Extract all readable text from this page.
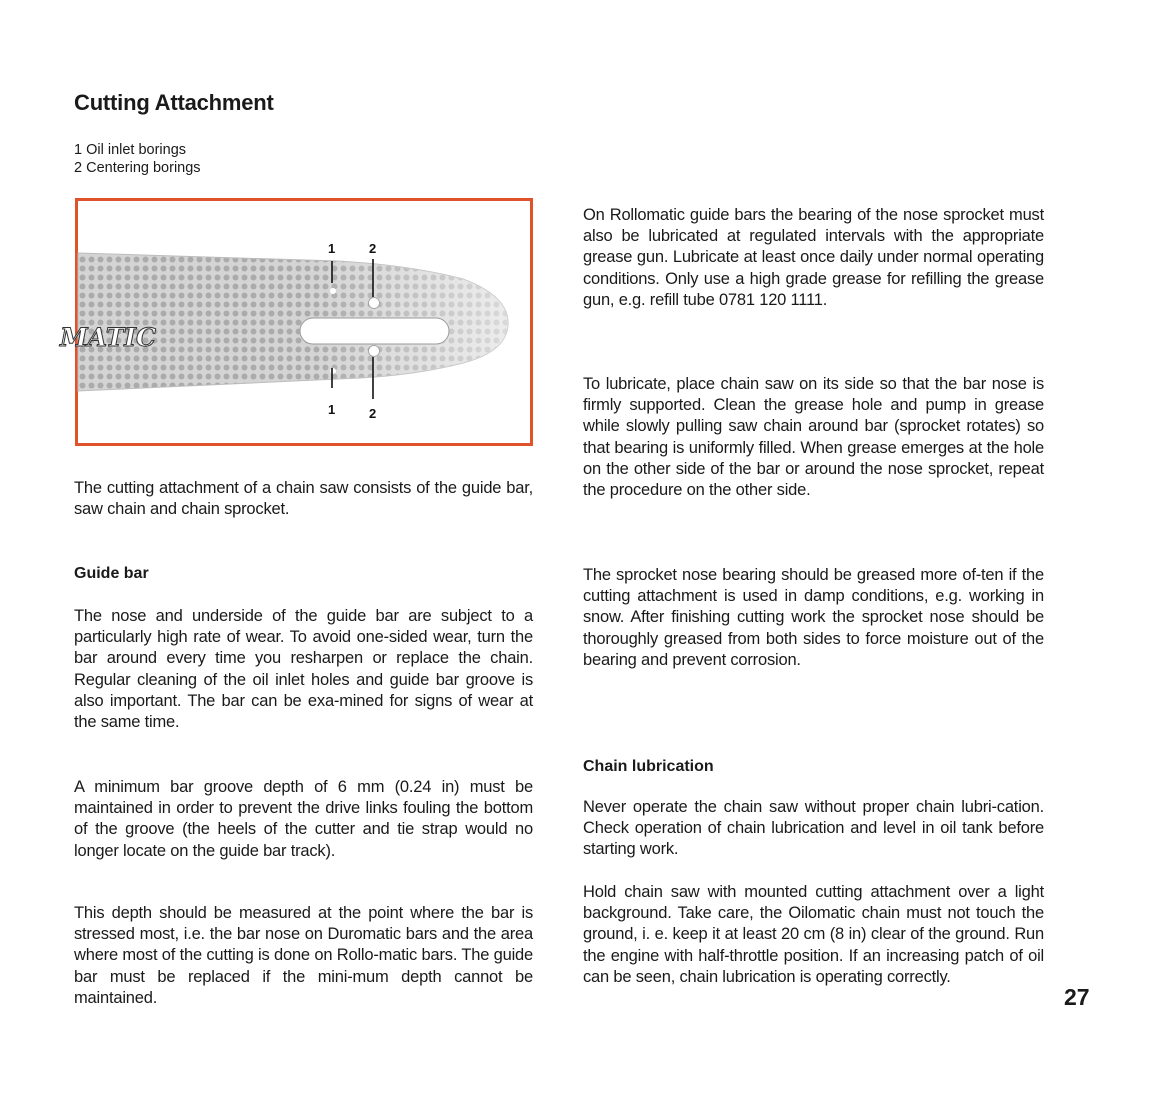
Cutting Attachment
1 Oil inlet borings
2 Centering borings
1	2
1	2
MATIC

The cutting attachment of a chain saw consists of the guide bar, saw chain and chain sprocket.

Guide bar

The nose and underside of the guide bar are subject to a particularly high rate of wear. To avoid one-sided wear, turn the bar around every time you resharpen or replace the chain. Regular cleaning of the oil inlet holes and guide bar groove is also important. The bar can be exa-mined for signs of wear at the same time.

A minimum bar groove depth of 6 mm (0.24 in) must be maintained in order to prevent the drive links fouling the bottom of the groove (the heels of the cutter and tie strap would no longer locate on the guide bar track).

This depth should be measured at the point where the bar is stressed most, i.e. the bar nose on Duromatic bars and the area where most of the cutting is done on Rollo-matic bars. The guide bar must be replaced if the mini-mum depth cannot be maintained.

On Rollomatic guide bars the bearing of the nose sprocket must also be lubricated at regulated intervals with the appropriate grease gun. Lubricate at least once daily under normal operating conditions. Only use a high grade grease for refilling the grease gun, e.g. refill tube 0781 120 1111.

To lubricate, place chain saw on its side so that the bar nose is firmly supported. Clean the grease hole and pump in grease while slowly pulling saw chain around bar (sprocket rotates) so that bearing is uniformly filled. When grease emerges at the hole on the other side of the bar or around the nose sprocket, repeat the procedure on the other side.

The sprocket nose bearing should be greased more of-ten if the cutting attachment is used in damp conditions, e.g. working in snow. After finishing cutting work the sprocket nose should be thoroughly greased from both sides to force moisture out of the bearing and prevent corrosion.

Chain lubrication

Never operate the chain saw without proper chain lubri-cation. Check operation of chain lubrication and level in oil tank before starting work.

Hold chain saw with mounted cutting attachment over a light background. Take care, the Oilomatic chain must not touch the ground, i. e. keep it at least 20 cm (8 in) clear of the ground. Run the engine with half-throttle position. If an increasing patch of oil can be seen, chain lubrication is operating correctly.

27
